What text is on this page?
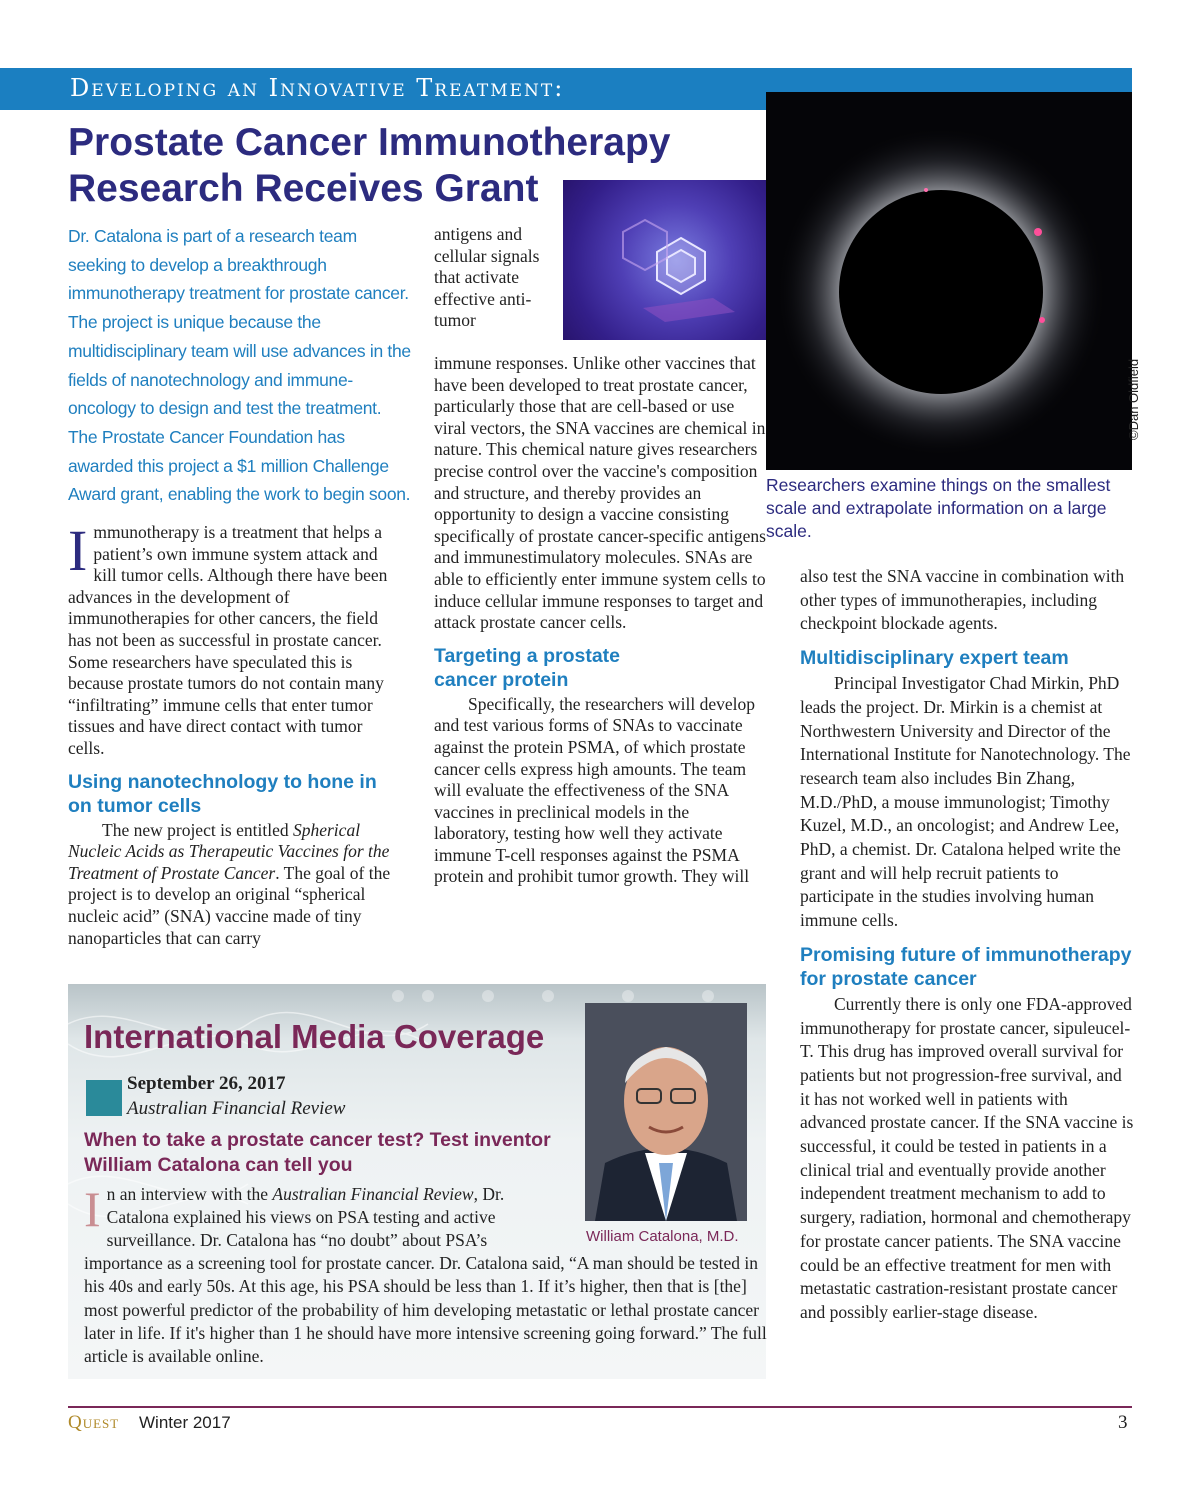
Developing an Innovative Treatment:
Prostate Cancer Immunotherapy Research Receives Grant

Dr. Catalona is part of a research team seeking to develop a breakthrough immunotherapy treatment for prostate cancer. The project is unique because the multidisciplinary team will use advances in the fields of nanotechnology and immune-oncology to design and test the treatment. The Prostate Cancer Foundation has awarded this project a $1 million Challenge Award grant, enabling the work to begin soon.

Immunotherapy is a treatment that helps a patient’s own immune system attack and kill tumor cells. Although there have been advances in the development of immunotherapies for other cancers, the field has not been as successful in prostate cancer. Some researchers have speculated this is because prostate tumors do not contain many “infiltrating” immune cells that enter tumor tissues and have direct contact with tumor cells.

Using nanotechnology to hone in on tumor cells

The new project is entitled Spherical Nucleic Acids as Therapeutic Vaccines for the Treatment of Prostate Cancer. The goal of the project is to develop an original “spherical nucleic acid” (SNA) vaccine made of tiny nanoparticles that can carry

antigens and cellular signals that activate effective anti-tumor

immune responses. Unlike other vaccines that have been developed to treat prostate cancer, particularly those that are cell-based or use viral vectors, the SNA vaccines are chemical in nature. This chemical nature gives researchers precise control over the vaccine's composition and structure, and thereby provides an opportunity to design a vaccine consisting specifically of prostate cancer-specific antigens and immunestimulatory molecules. SNAs are able to efficiently enter immune system cells to induce cellular immune responses to target and attack prostate cancer cells.

Targeting a prostate cancer protein

Specifically, the researchers will develop and test various forms of SNAs to vaccinate against the protein PSMA, of which prostate cancer cells express high amounts. The team will evaluate the effectiveness of the SNA vaccines in preclinical models in the laboratory, testing how well they activate immune T-cell responses against the PSMA protein and prohibit tumor growth. They will

©Dan Oldfield

Researchers examine things on the smallest scale and extrapolate information on a large scale.

also test the SNA vaccine in combination with other types of immunotherapies, including checkpoint blockade agents.

Multidisciplinary expert team

Principal Investigator Chad Mirkin, PhD leads the project. Dr. Mirkin is a chemist at Northwestern University and Director of the International Institute for Nanotechnology. The research team also includes Bin Zhang, M.D./PhD, a mouse immunologist; Timothy Kuzel, M.D., an oncologist; and Andrew Lee, PhD, a chemist. Dr. Catalona helped write the grant and will help recruit patients to participate in the studies involving human immune cells.

Promising future of immunotherapy for prostate cancer

Currently there is only one FDA-approved immunotherapy for prostate cancer, sipuleucel-T. This drug has improved overall survival for patients but not progression-free survival, and it has not worked well in patients with advanced prostate cancer. If the SNA vaccine is successful, it could be tested in patients in a clinical trial and eventually provide another independent treatment mechanism to add to surgery, radiation, hormonal and chemotherapy for prostate cancer patients. The SNA vaccine could be an effective treatment for men with metastatic castration-resistant prostate cancer and possibly earlier-stage disease.

International Media Coverage
September 26, 2017
Australian Financial Review
When to take a prostate cancer test? Test inventor William Catalona can tell you

In an interview with the Australian Financial Review, Dr. Catalona explained his views on PSA testing and active surveillance. Dr. Catalona has “no doubt” about PSA’s

importance as a screening tool for prostate cancer. Dr. Catalona said, “A man should be tested in his 40s and early 50s. At this age, his PSA should be less than 1. If it’s higher, then that is [the] most powerful predictor of the probability of him developing metastatic or lethal prostate cancer later in life. If it's higher than 1 he should have more intensive screening going forward.” The full article is available online.

William Catalona, M.D.
Quest Winter 2017	3
